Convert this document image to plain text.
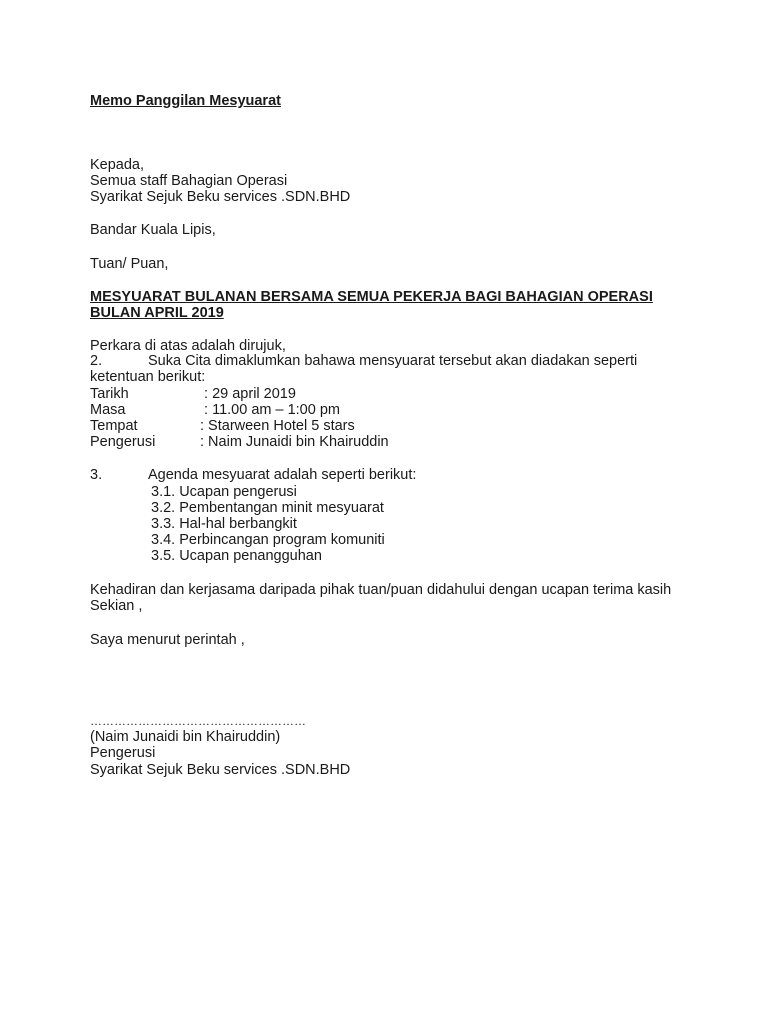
Memo Panggilan Mesyuarat
Kepada,
Semua staff Bahagian Operasi
Syarikat Sejuk Beku services .SDN.BHD
Bandar Kuala Lipis,
Tuan/ Puan,
MESYUARAT BULANAN BERSAMA SEMUA PEKERJA BAGI BAHAGIAN OPERASI
BULAN APRIL 2019
Perkara di atas adalah dirujuk,
2.	Suka Cita dimaklumkan bahawa mensyuarat tersebut akan diadakan seperti
ketentuan berikut:
Tarikh	: 29 april 2019
Masa	: 11.00 am – 1:00 pm
Tempat	: Starween Hotel 5 stars
Pengerusi	: Naim Junaidi bin Khairuddin
3.	Agenda mesyuarat adalah seperti berikut:
3.1. Ucapan pengerusi
3.2. Pembentangan minit mesyuarat
3.3. Hal-hal berbangkit
3.4. Perbincangan program komuniti
3.5. Ucapan penangguhan
Kehadiran dan kerjasama daripada pihak tuan/puan didahului dengan ucapan terima kasih
Sekian ,
Saya menurut perintah ,
………………………………………………
(Naim Junaidi bin Khairuddin)
Pengerusi
Syarikat Sejuk Beku services .SDN.BHD
